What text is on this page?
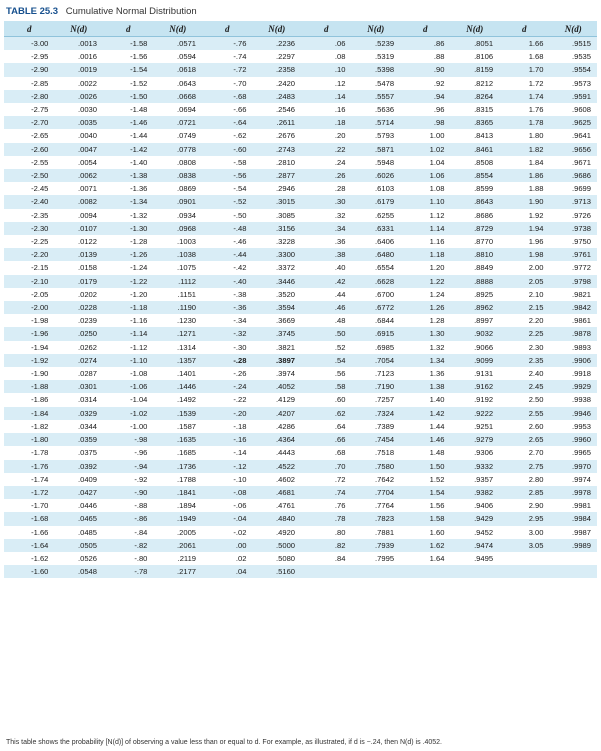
TABLE 25.3 Cumulative Normal Distribution
d	N(d)	d	N(d)	d	N(d)	d	N(d)	d	N(d)	d	N(d)
-3.00	.0013	-1.58	.0571	-.76	.2236	.06	.5239	.86	.8051	1.66	.9515
-2.95	.0016	-1.56	.0594	-.74	.2297	.08	.5319	.88	.8106	1.68	.9535
-2.90	.0019	-1.54	.0618	-.72	.2358	.10	.5398	.90	.8159	1.70	.9554
-2.85	.0022	-1.52	.0643	-.70	.2420	.12	.5478	.92	.8212	1.72	.9573
-2.80	.0026	-1.50	.0668	-.68	.2483	.14	.5557	.94	.8264	1.74	.9591
-2.75	.0030	-1.48	.0694	-.66	.2546	.16	.5636	.96	.8315	1.76	.9608
-2.70	.0035	-1.46	.0721	-.64	.2611	.18	.5714	.98	.8365	1.78	.9625
-2.65	.0040	-1.44	.0749	-.62	.2676	.20	.5793	1.00	.8413	1.80	.9641
-2.60	.0047	-1.42	.0778	-.60	.2743	.22	.5871	1.02	.8461	1.82	.9656
-2.55	.0054	-1.40	.0808	-.58	.2810	.24	.5948	1.04	.8508	1.84	.9671
-2.50	.0062	-1.38	.0838	-.56	.2877	.26	.6026	1.06	.8554	1.86	.9686
-2.45	.0071	-1.36	.0869	-.54	.2946	.28	.6103	1.08	.8599	1.88	.9699
-2.40	.0082	-1.34	.0901	-.52	.3015	.30	.6179	1.10	.8643	1.90	.9713
-2.35	.0094	-1.32	.0934	-.50	.3085	.32	.6255	1.12	.8686	1.92	.9726
-2.30	.0107	-1.30	.0968	-.48	.3156	.34	.6331	1.14	.8729	1.94	.9738
-2.25	.0122	-1.28	.1003	-.46	.3228	.36	.6406	1.16	.8770	1.96	.9750
-2.20	.0139	-1.26	.1038	-.44	.3300	.38	.6480	1.18	.8810	1.98	.9761
-2.15	.0158	-1.24	.1075	-.42	.3372	.40	.6554	1.20	.8849	2.00	.9772
-2.10	.0179	-1.22	.1112	-.40	.3446	.42	.6628	1.22	.8888	2.05	.9798
-2.05	.0202	-1.20	.1151	-.38	.3520	.44	.6700	1.24	.8925	2.10	.9821
-2.00	.0228	-1.18	.1190	-.36	.3594	.46	.6772	1.26	.8962	2.15	.9842
-1.98	.0239	-1.16	.1230	-.34	.3669	.48	.6844	1.28	.8997	2.20	.9861
-1.96	.0250	-1.14	.1271	-.32	.3745	.50	.6915	1.30	.9032	2.25	.9878
-1.94	.0262	-1.12	.1314	-.30	.3821	.52	.6985	1.32	.9066	2.30	.9893
-1.92	.0274	-1.10	.1357	-.28	.3897	.54	.7054	1.34	.9099	2.35	.9906
-1.90	.0287	-1.08	.1401	-.26	.3974	.56	.7123	1.36	.9131	2.40	.9918
-1.88	.0301	-1.06	.1446	-.24	.4052	.58	.7190	1.38	.9162	2.45	.9929
-1.86	.0314	-1.04	.1492	-.22	.4129	.60	.7257	1.40	.9192	2.50	.9938
-1.84	.0329	-1.02	.1539	-.20	.4207	.62	.7324	1.42	.9222	2.55	.9946
-1.82	.0344	-1.00	.1587	-.18	.4286	.64	.7389	1.44	.9251	2.60	.9953
-1.80	.0359	-.98	.1635	-.16	.4364	.66	.7454	1.46	.9279	2.65	.9960
-1.78	.0375	-.96	.1685	-.14	.4443	.68	.7518	1.48	.9306	2.70	.9965
-1.76	.0392	-.94	.1736	-.12	.4522	.70	.7580	1.50	.9332	2.75	.9970
-1.74	.0409	-.92	.1788	-.10	.4602	.72	.7642	1.52	.9357	2.80	.9974
-1.72	.0427	-.90	.1841	-.08	.4681	.74	.7704	1.54	.9382	2.85	.9978
-1.70	.0446	-.88	.1894	-.06	.4761	.76	.7764	1.56	.9406	2.90	.9981
-1.68	.0465	-.86	.1949	-.04	.4840	.78	.7823	1.58	.9429	2.95	.9984
-1.66	.0485	-.84	.2005	-.02	.4920	.80	.7881	1.60	.9452	3.00	.9987
-1.64	.0505	-.82	.2061	.00	.5000	.82	.7939	1.62	.9474	3.05	.9989
-1.62	.0526	-.80	.2119	.02	.5080	.84	.7995	1.64	.9495		
-1.60	.0548	-.78	.2177	.04	.5160						
This table shows the probability [N(d)] of observing a value less than or equal to d. For example, as illustrated, if d is −.24, then N(d) is .4052.
